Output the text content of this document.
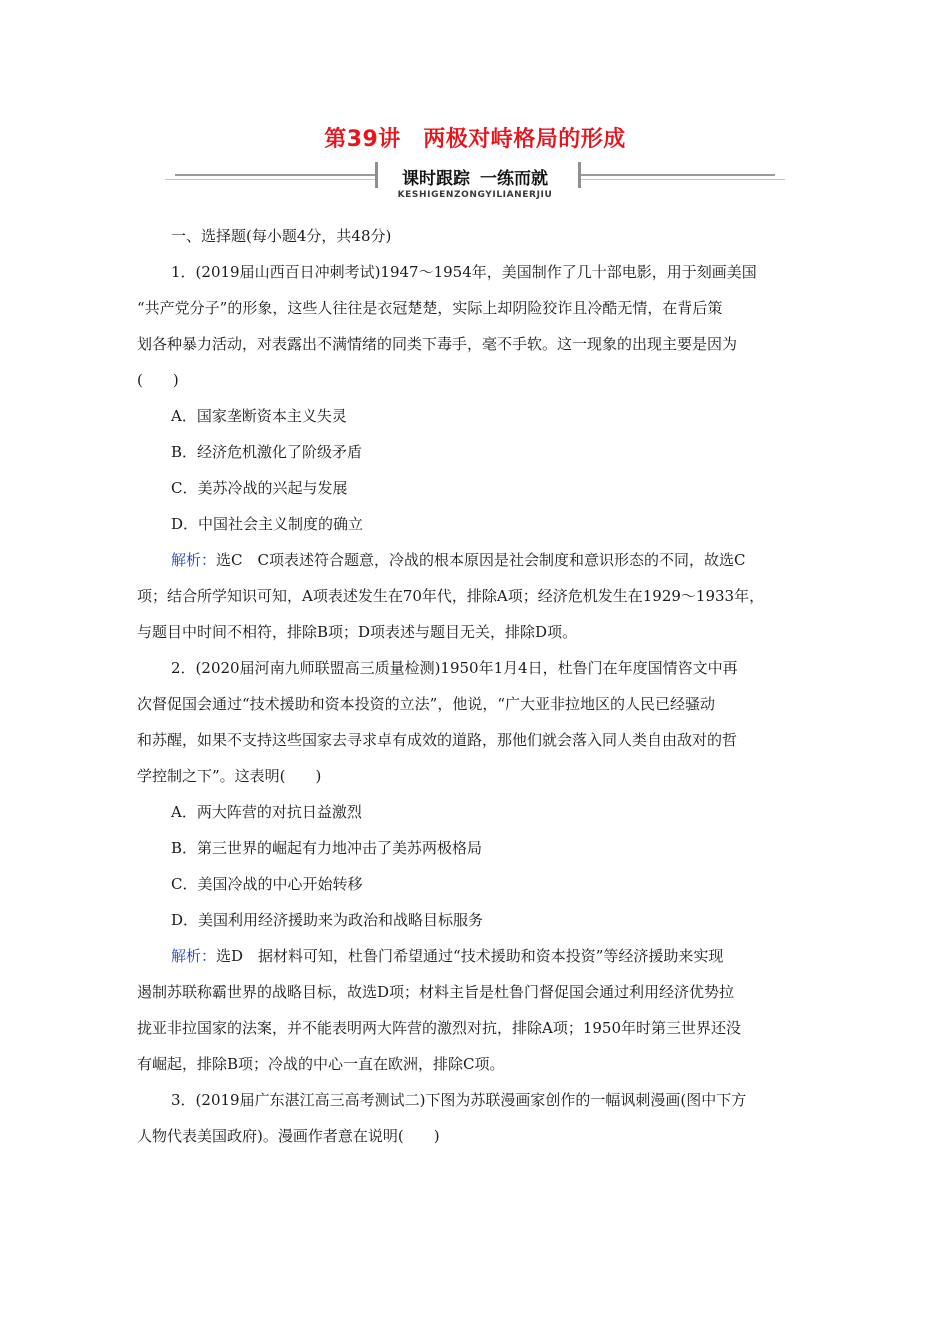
第39讲　两极对峙格局的形成
课时跟踪 一练而就
KESHIGENZONGYILIANERJIU

一、选择题(每小题4分，共48分)

1．(2019届山西百日冲刺考试)1947～1954年，美国制作了几十部电影，用于刻画美国

“共产党分子”的形象，这些人往往是衣冠楚楚，实际上却阴险狡诈且冷酷无情，在背后策

划各种暴力活动，对表露出不满情绪的同类下毒手，毫不手软。这一现象的出现主要是因为

(　　)

A．国家垄断资本主义失灵

B．经济危机激化了阶级矛盾

C．美苏冷战的兴起与发展

D．中国社会主义制度的确立

解析：选C　C项表述符合题意，冷战的根本原因是社会制度和意识形态的不同，故选C

项；结合所学知识可知，A项表述发生在70年代，排除A项；经济危机发生在1929～1933年，

与题目中时间不相符，排除B项；D项表述与题目无关，排除D项。

2．(2020届河南九师联盟高三质量检测)1950年1月4日，杜鲁门在年度国情咨文中再

次督促国会通过“技术援助和资本投资的立法”，他说，“广大亚非拉地区的人民已经骚动

和苏醒，如果不支持这些国家去寻求卓有成效的道路，那他们就会落入同人类自由敌对的哲

学控制之下”。这表明(　　)

A．两大阵营的对抗日益激烈

B．第三世界的崛起有力地冲击了美苏两极格局

C．美国冷战的中心开始转移

D．美国利用经济援助来为政治和战略目标服务

解析：选D　据材料可知，杜鲁门希望通过“技术援助和资本投资”等经济援助来实现

遏制苏联称霸世界的战略目标，故选D项；材料主旨是杜鲁门督促国会通过利用经济优势拉

拢亚非拉国家的法案，并不能表明两大阵营的激烈对抗，排除A项；1950年时第三世界还没

有崛起，排除B项；冷战的中心一直在欧洲，排除C项。

3．(2019届广东湛江高三高考测试二)下图为苏联漫画家创作的一幅讽刺漫画(图中下方

人物代表美国政府)。漫画作者意在说明(　　)
